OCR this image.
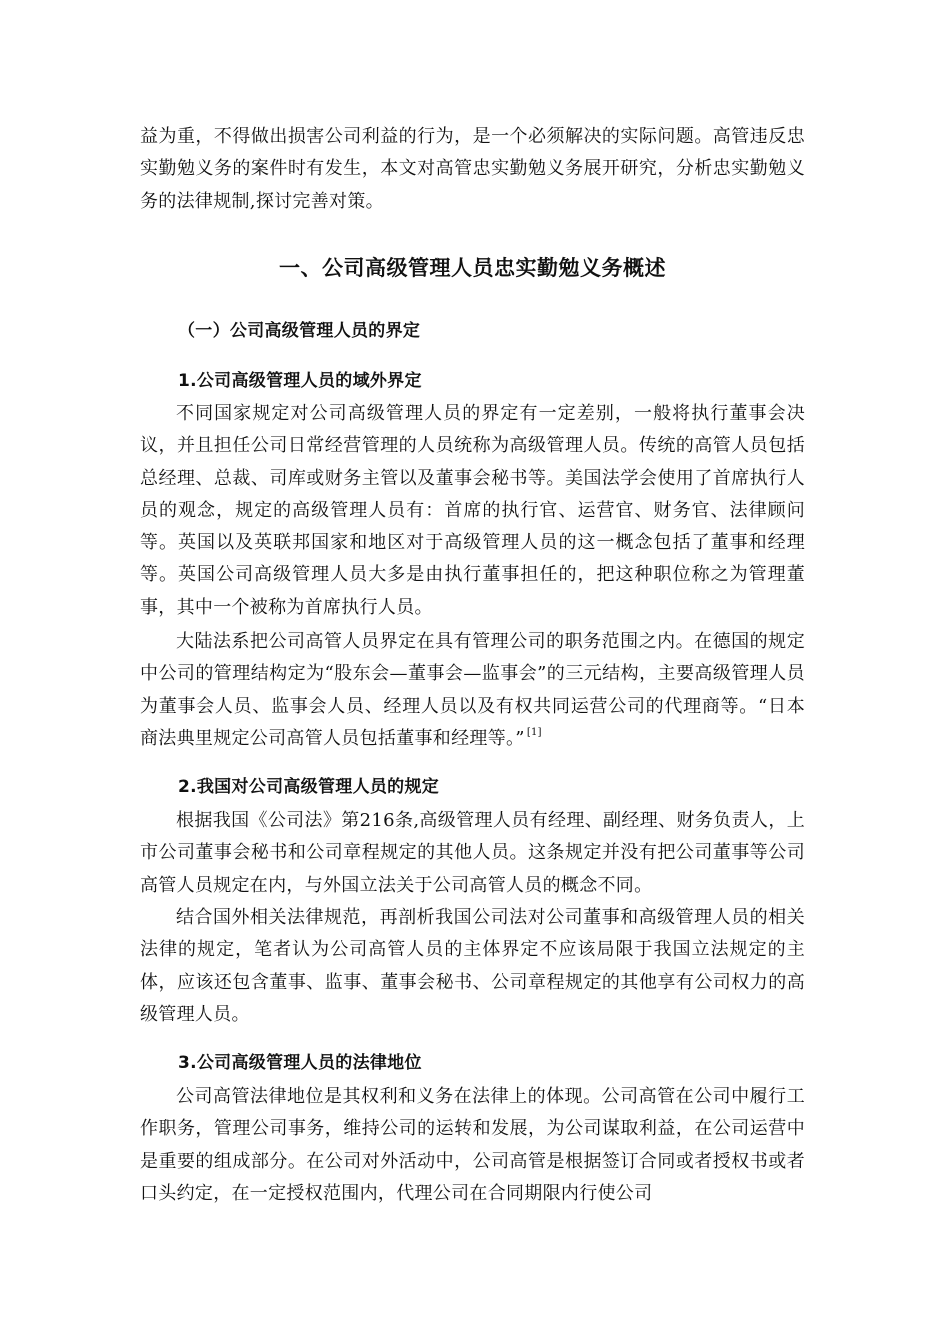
益为重，不得做出损害公司利益的行为，是一个必须解决的实际问题。高管违反忠实勤勉义务的案件时有发生，本文对高管忠实勤勉义务展开研究，分析忠实勤勉义务的法律规制,探讨完善对策。

一、公司高级管理人员忠实勤勉义务概述
（一）公司高级管理人员的界定
1.公司高级管理人员的域外界定

不同国家规定对公司高级管理人员的界定有一定差别，一般将执行董事会决议，并且担任公司日常经营管理的人员统称为高级管理人员。传统的高管人员包括总经理、总裁、司库或财务主管以及董事会秘书等。美国法学会使用了首席执行人员的观念，规定的高级管理人员有：首席的执行官、运营官、财务官、法律顾问等。英国以及英联邦国家和地区对于高级管理人员的这一概念包括了董事和经理等。英国公司高级管理人员大多是由执行董事担任的，把这种职位称之为管理董事，其中一个被称为首席执行人员。

大陆法系把公司高管人员界定在具有管理公司的职务范围之内。在德国的规定中公司的管理结构定为“股东会—董事会—监事会”的三元结构，主要高级管理人员为董事会人员、监事会人员、经理人员以及有权共同运营公司的代理商等。“日本商法典里规定公司高管人员包括董事和经理等。” [1]

2.我国对公司高级管理人员的规定

根据我国《公司法》第216条,高级管理人员有经理、副经理、财务负责人，上市公司董事会秘书和公司章程规定的其他人员。这条规定并没有把公司董事等公司高管人员规定在内，与外国立法关于公司高管人员的概念不同。

结合国外相关法律规范，再剖析我国公司法对公司董事和高级管理人员的相关法律的规定，笔者认为公司高管人员的主体界定不应该局限于我国立法规定的主体，应该还包含董事、监事、董事会秘书、公司章程规定的其他享有公司权力的高级管理人员。

3.公司高级管理人员的法律地位

公司高管法律地位是其权利和义务在法律上的体现。公司高管在公司中履行工作职务，管理公司事务，维持公司的运转和发展，为公司谋取利益，在公司运营中是重要的组成部分。在公司对外活动中，公司高管是根据签订合同或者授权书或者口头约定，在一定授权范围内，代理公司在合同期限内行使公司
